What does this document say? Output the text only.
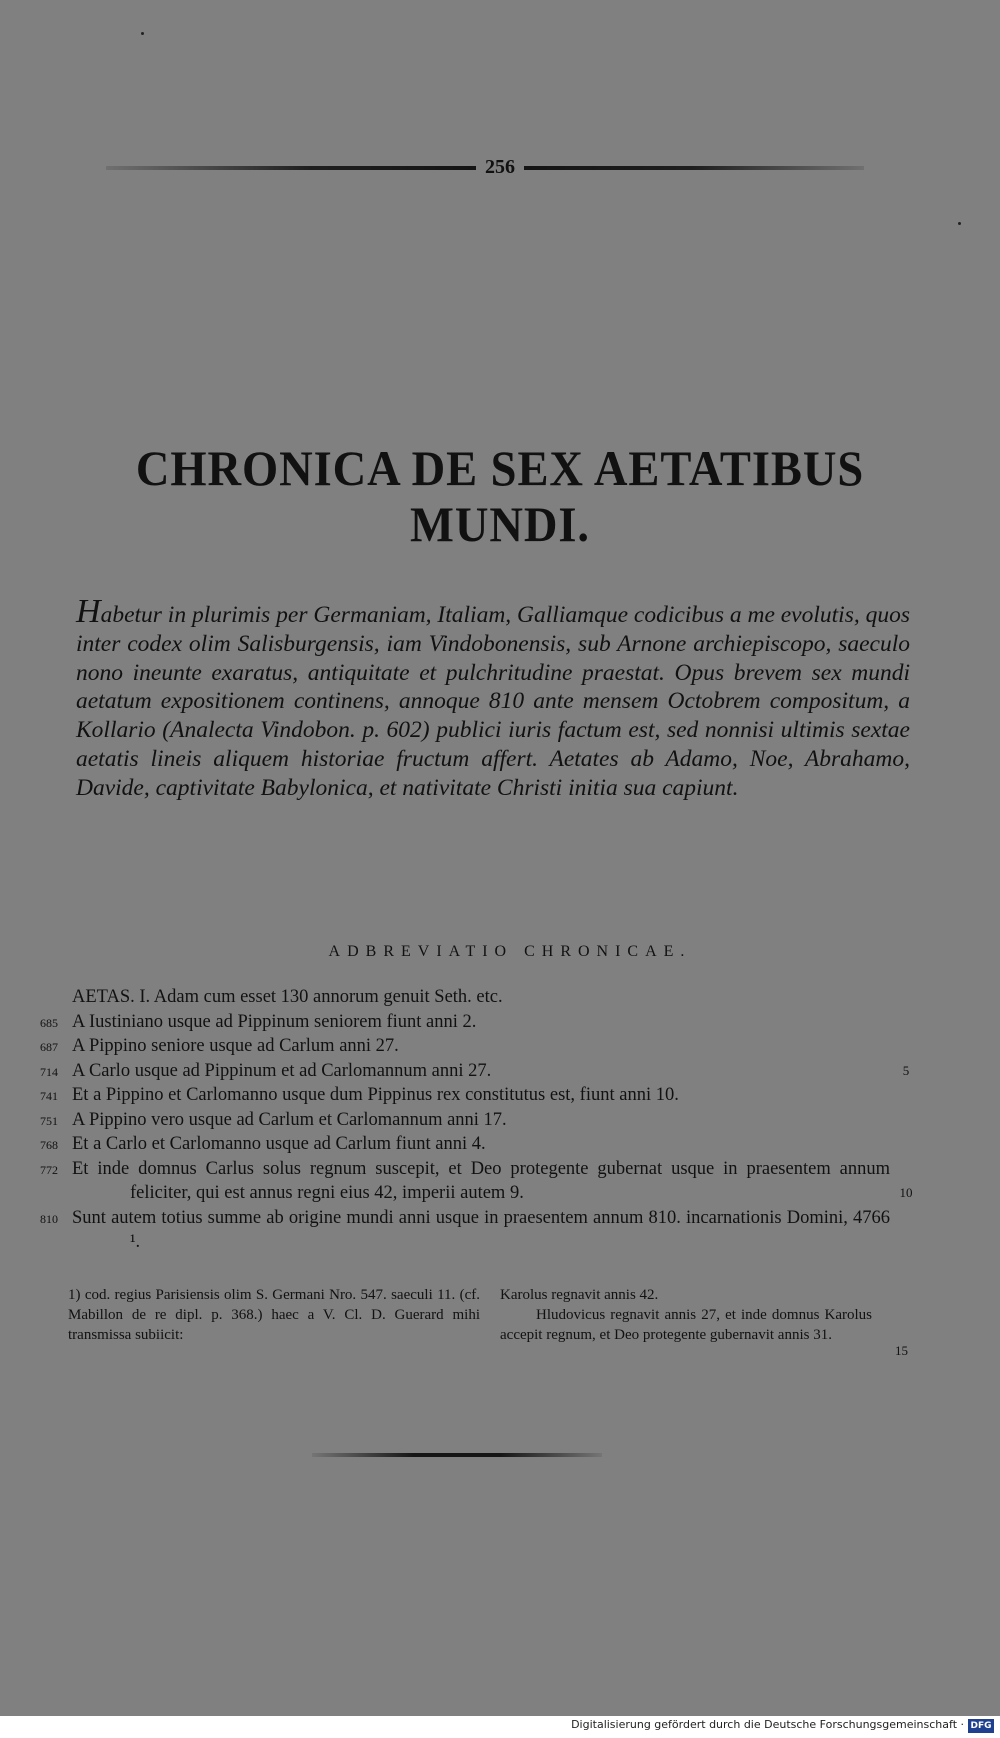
256
CHRONICA DE SEX AETATIBUS
MUNDI.
Habetur in plurimis per Germaniam, Italiam, Galliamque codicibus a me evolutis, quos inter codex olim Salisburgensis, iam Vindobonensis, sub Arnone archiepiscopo, saeculo nono ineunte exaratus, antiquitate et pulchritudine praestat. Opus brevem sex mundi aetatum expositionem continens, annoque 810 ante mensem Octobrem compositum, a Kollario (Analecta Vindobon. p. 602) publici iuris factum est, sed nonnisi ultimis sextae aetatis lineis aliquem historiae fructum affert. Aetates ab Adamo, Noe, Abrahamo, Davide, captivitate Babylonica, et nativitate Christi initia sua capiunt.
ADBREVIATIO CHRONICAE.
AETAS. I. Adam cum esset 130 annorum genuit Seth. etc.
685 A Iustiniano usque ad Pippinum seniorem fiunt anni 2.
687 A Pippino seniore usque ad Carlum anni 27.
714 A Carlo usque ad Pippinum et ad Carlomannum anni 27.	5
741 Et a Pippino et Carlomanno usque dum Pippinus rex constitutus est, fiunt anni 10.
751 A Pippino vero usque ad Carlum et Carlomannum anni 17.
768 Et a Carlo et Carlomanno usque ad Carlum fiunt anni 4.
772 Et inde domnus Carlus solus regnum suscepit, et Deo protegente gubernat usque in praesentem annum feliciter, qui est annus regni eius 42, imperii autem 9.	10
810 Sunt autem totius summe ab origine mundi anni usque in praesentem annum 810. incarnationis Domini, 4766 ¹.
1) cod. regius Parisiensis olim S. Germani Nro. 547. saeculi 11. (cf. Mabillon de re dipl. p. 368.) haec a V. Cl. D. Guerard mihi transmissa subiicit:

Karolus regnavit annis 42.

Hludovicus regnavit annis 27, et inde domnus Karolus accepit regnum, et Deo protegente gubernavit annis 31.

15
Digitalisierung gefördert durch die Deutsche Forschungsgemeinschaft · DFG
